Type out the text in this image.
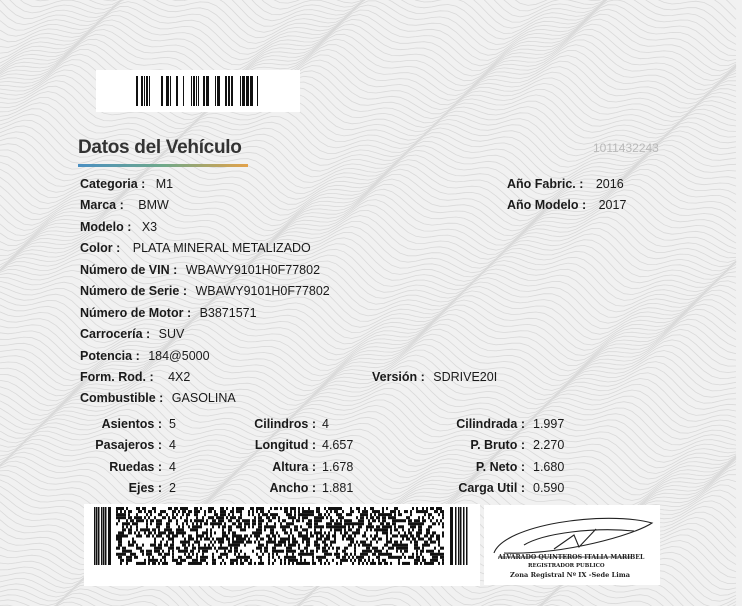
Datos del Vehículo	1011432243
Categoria : M1
Marca : BMW
Modelo : X3
Color : PLATA MINERAL METALIZADO
Número de VIN : WBAWY9101H0F77802
Número de Serie : WBAWY9101H0F77802
Número de Motor : B3871571
Carrocería : SUV
Potencia : 184@5000
Form. Rod. : 4X2
Combustible : GASOLINA
Año Fabric. : 2016
Año Modelo : 2017
Versión : SDRIVE20I
Asientos : 5
Pasajeros : 4
Ruedas : 4
Ejes : 2
Cilindros : 4
Longitud : 4.657
Altura : 1.678
Ancho : 1.881
Cilindrada : 1.997
P. Bruto : 2.270
P. Neto : 1.680
Carga Util : 0.590
ALVARADO QUINTEROS ITALIA MARIBEL
REGISTRADOR PUBLICO
Zona Registral Nº IX -Sede Lima
